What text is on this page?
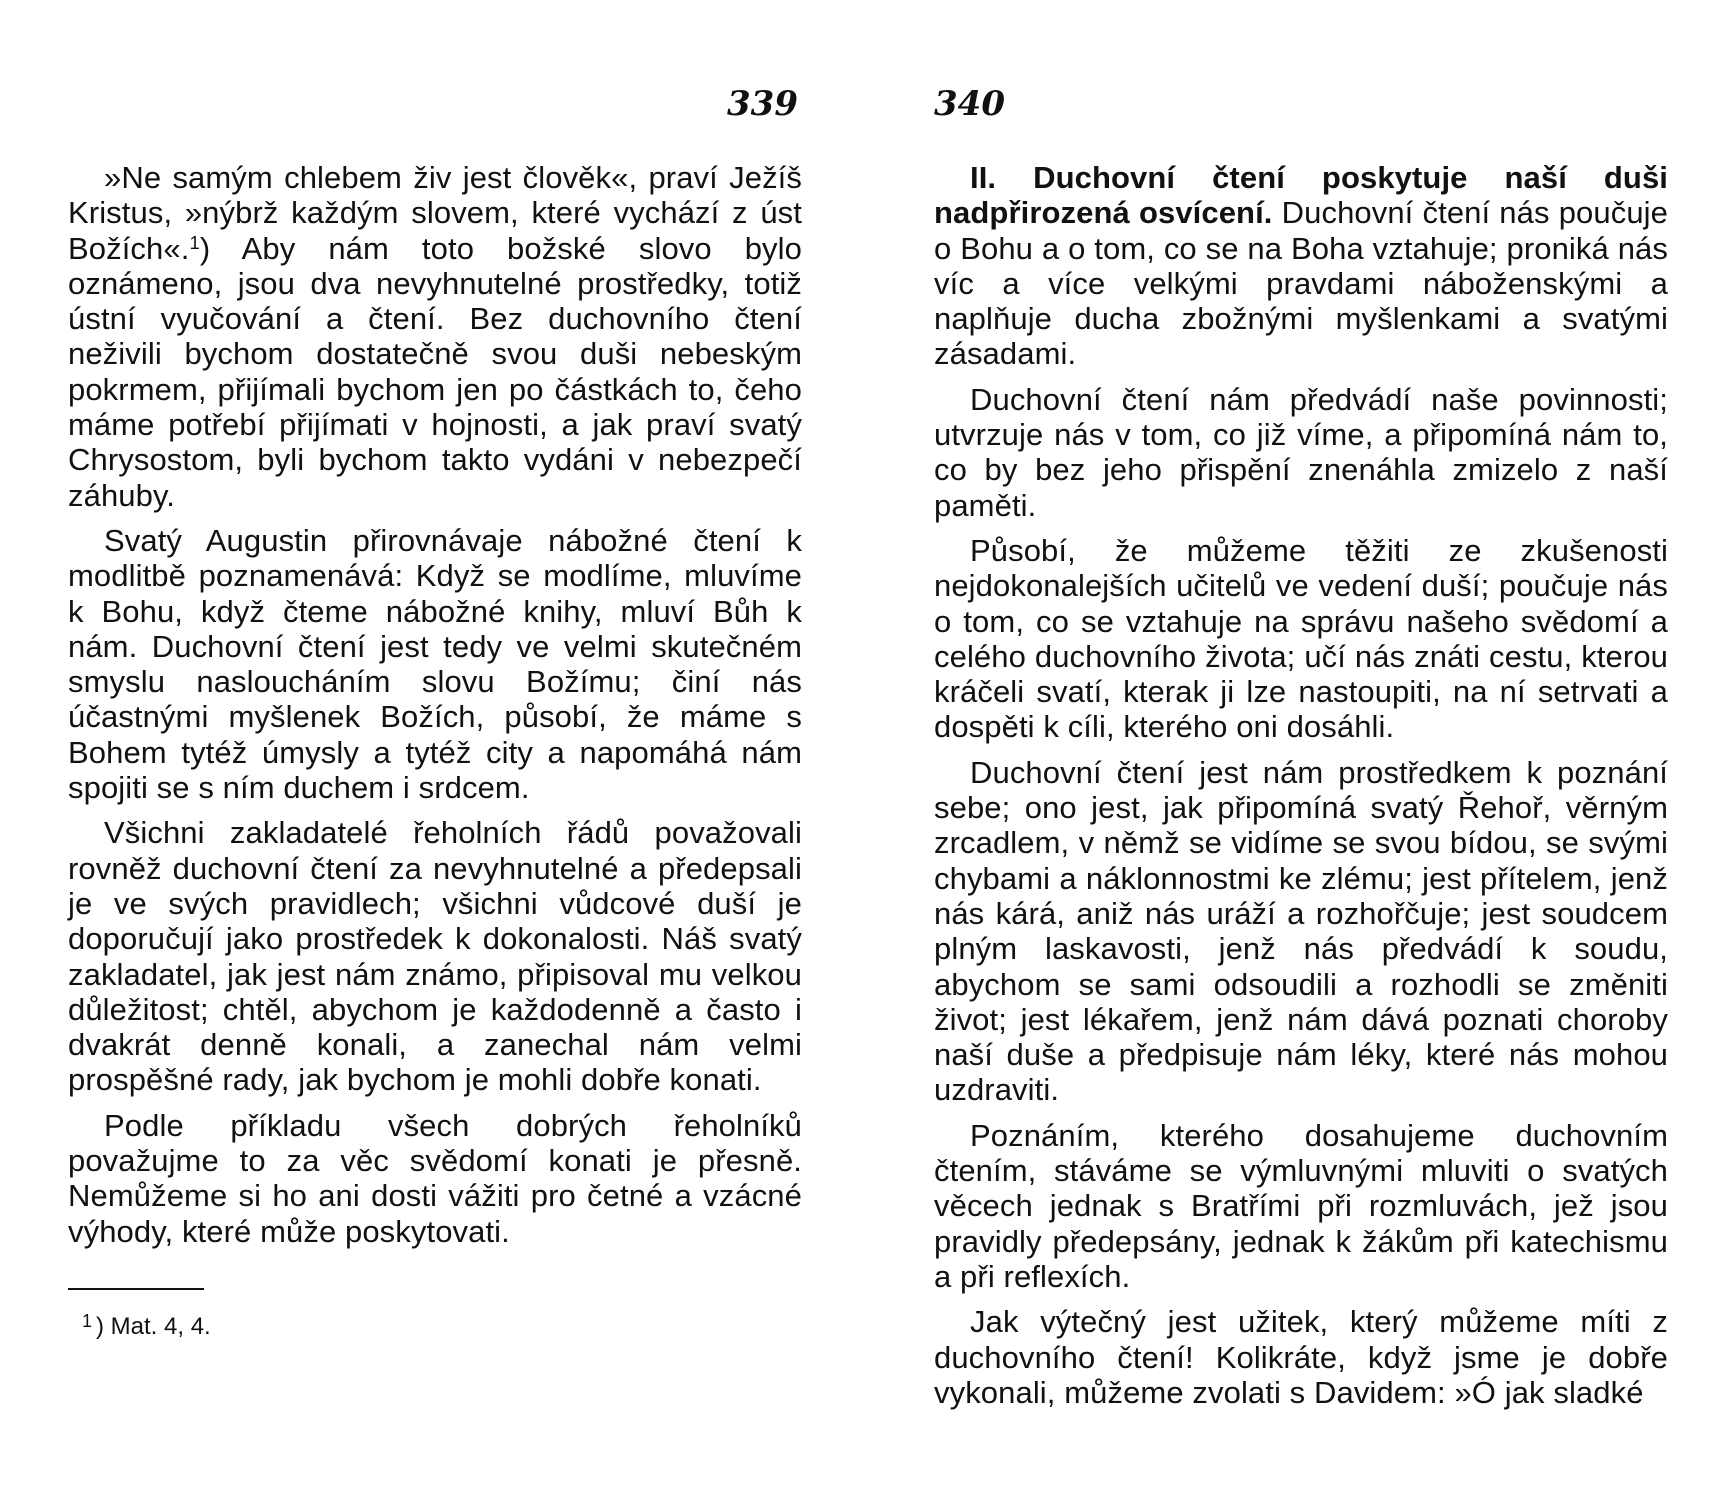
339

»Ne samým chlebem živ jest člověk«, praví Ježíš Kristus, »nýbrž každým slovem, které vychází z úst Božích«.$^1$) Aby nám toto božské slovo bylo oznámeno, jsou dva nevyhnutelné prostředky, totiž ústní vyučování a čtení. Bez duchovního čtení neživili bychom dostatečně svou duši nebeským pokrmem, přijímali bychom jen po částkách to, čeho máme potřebí přijímati v hojnosti, a jak praví svatý Chrysostom, byli bychom takto vydáni v nebezpečí záhuby.

Svatý Augustin přirovnávaje nábožné čtení k modlitbě poznamenává: Když se modlíme, mluvíme k Bohu, když čteme nábožné knihy, mluví Bůh k nám. Duchovní čtení jest tedy ve velmi skutečném smyslu nasloucháním slovu Božímu; činí nás účastnými myšlenek Božích, působí, že máme s Bohem tytéž úmysly a tytéž city a napomáhá nám spojiti se s ním duchem i srdcem.

Všichni zakladatelé řeholních řádů považovali rovněž duchovní čtení za nevyhnutelné a předepsali je ve svých pravidlech; všichni vůdcové duší je doporučují jako prostředek k dokonalosti. Náš svatý zakladatel, jak jest nám známo, připisoval mu velkou důležitost; chtěl, abychom je každodenně a často i dvakrát denně konali, a zanechal nám velmi prospěšné rady, jak bychom je mohli dobře konati.

Podle příkladu všech dobrých řeholníků považujme to za věc svědomí konati je přesně. Nemůžeme si ho ani dosti vážiti pro četné a vzácné výhody, které může poskytovati.

$^1$ ) Mat. 4, 4.
340

II. Duchovní čtení poskytuje naší duši nadpřirozená osvícení. Duchovní čtení nás poučuje o Bohu a o tom, co se na Boha vztahuje; proniká nás víc a více velkými pravdami náboženskými a naplňuje ducha zbožnými myšlenkami a svatými zásadami.

Duchovní čtení nám předvádí naše povinnosti; utvrzuje nás v tom, co již víme, a připomíná nám to, co by bez jeho přispění znenáhla zmizelo z naší paměti.

Působí, že můžeme těžiti ze zkušenosti nejdokonalejších učitelů ve vedení duší; poučuje nás o tom, co se vztahuje na správu našeho svědomí a celého duchovního života; učí nás znáti cestu, kterou kráčeli svatí, kterak ji lze nastoupiti, na ní setrvati a dospěti k cíli, kterého oni dosáhli.

Duchovní čtení jest nám prostředkem k poznání sebe; ono jest, jak připomíná svatý Řehoř, věrným zrcadlem, v němž se vidíme se svou bídou, se svými chybami a náklonnostmi ke zlému; jest přítelem, jenž nás kárá, aniž nás uráží a rozhořčuje; jest soudcem plným laskavosti, jenž nás předvádí k soudu, abychom se sami odsoudili a rozhodli se změniti život; jest lékařem, jenž nám dává poznati choroby naší duše a předpisuje nám léky, které nás mohou uzdraviti.

Poznáním, kterého dosahujeme duchovním čtením, stáváme se výmluvnými mluviti o svatých věcech jednak s Bratřími při rozmluvách, jež jsou pravidly předepsány, jednak k žákům při katechismu a při reflexích.

Jak výtečný jest užitek, který můžeme míti z duchovního čtení! Kolikráte, když jsme je dobře vykonali, můžeme zvolati s Davidem: »Ó jak sladké
